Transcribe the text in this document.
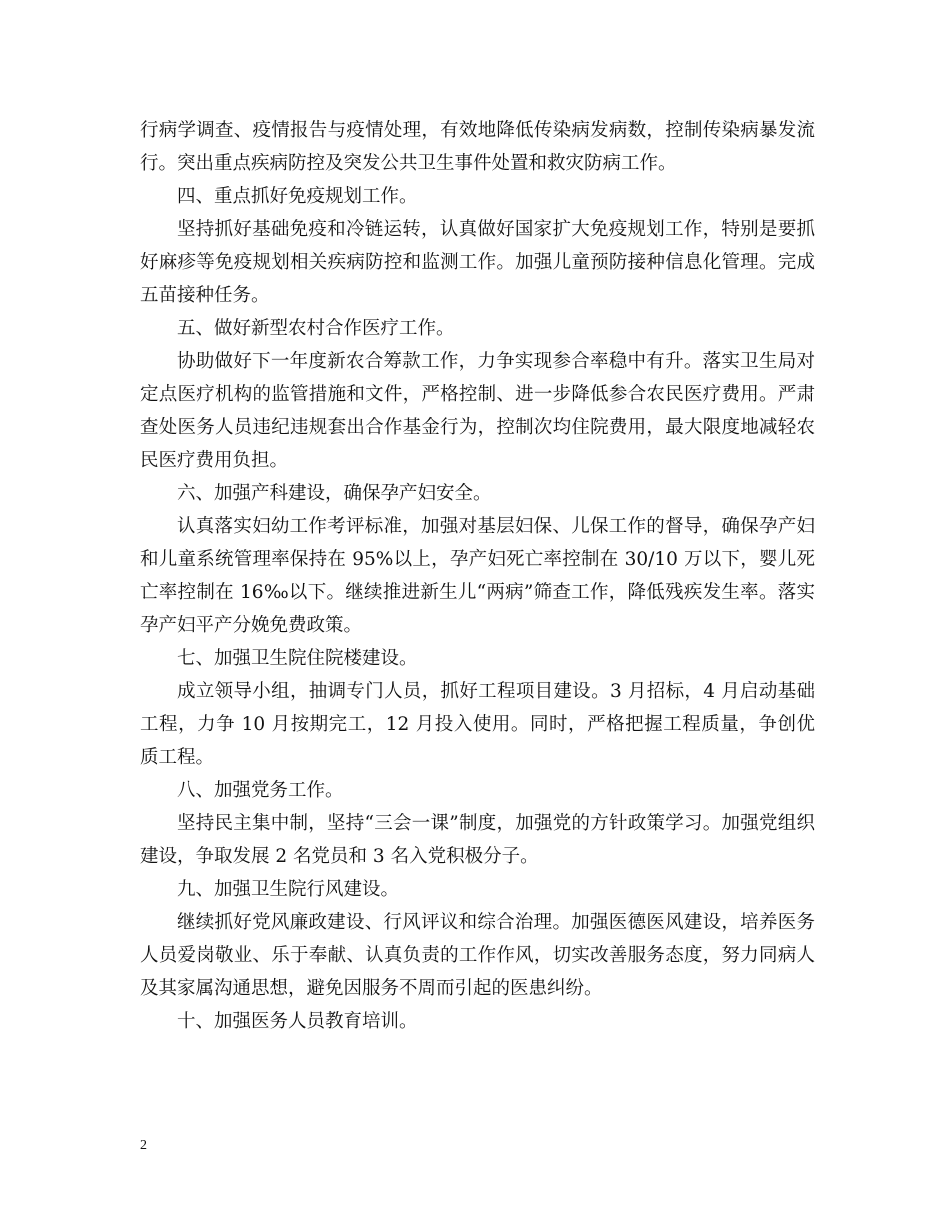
行病学调查、疫情报告与疫情处理，有效地降低传染病发病数，控制传染病暴发流行。突出重点疾病防控及突发公共卫生事件处置和救灾防病工作。

四、重点抓好免疫规划工作。

坚持抓好基础免疫和冷链运转，认真做好国家扩大免疫规划工作，特别是要抓好麻疹等免疫规划相关疾病防控和监测工作。加强儿童预防接种信息化管理。完成五苗接种任务。

五、做好新型农村合作医疗工作。

协助做好下一年度新农合筹款工作，力争实现参合率稳中有升。落实卫生局对定点医疗机构的监管措施和文件，严格控制、进一步降低参合农民医疗费用。严肃查处医务人员违纪违规套出合作基金行为，控制次均住院费用，最大限度地减轻农民医疗费用负担。

六、加强产科建设，确保孕产妇安全。

认真落实妇幼工作考评标准，加强对基层妇保、儿保工作的督导，确保孕产妇和儿童系统管理率保持在 95%以上，孕产妇死亡率控制在 30/10 万以下，婴儿死亡率控制在 16‰以下。继续推进新生儿“两病”筛查工作，降低残疾发生率。落实孕产妇平产分娩免费政策。

七、加强卫生院住院楼建设。

成立领导小组，抽调专门人员，抓好工程项目建设。3 月招标，4 月启动基础工程，力争 10 月按期完工，12 月投入使用。同时，严格把握工程质量，争创优质工程。

八、加强党务工作。

坚持民主集中制，坚持“三会一课”制度，加强党的方针政策学习。加强党组织建设，争取发展 2 名党员和 3 名入党积极分子。

九、加强卫生院行风建设。

继续抓好党风廉政建设、行风评议和综合治理。加强医德医风建设，培养医务人员爱岗敬业、乐于奉献、认真负责的工作作风，切实改善服务态度，努力同病人及其家属沟通思想，避免因服务不周而引起的医患纠纷。

十、加强医务人员教育培训。

2
